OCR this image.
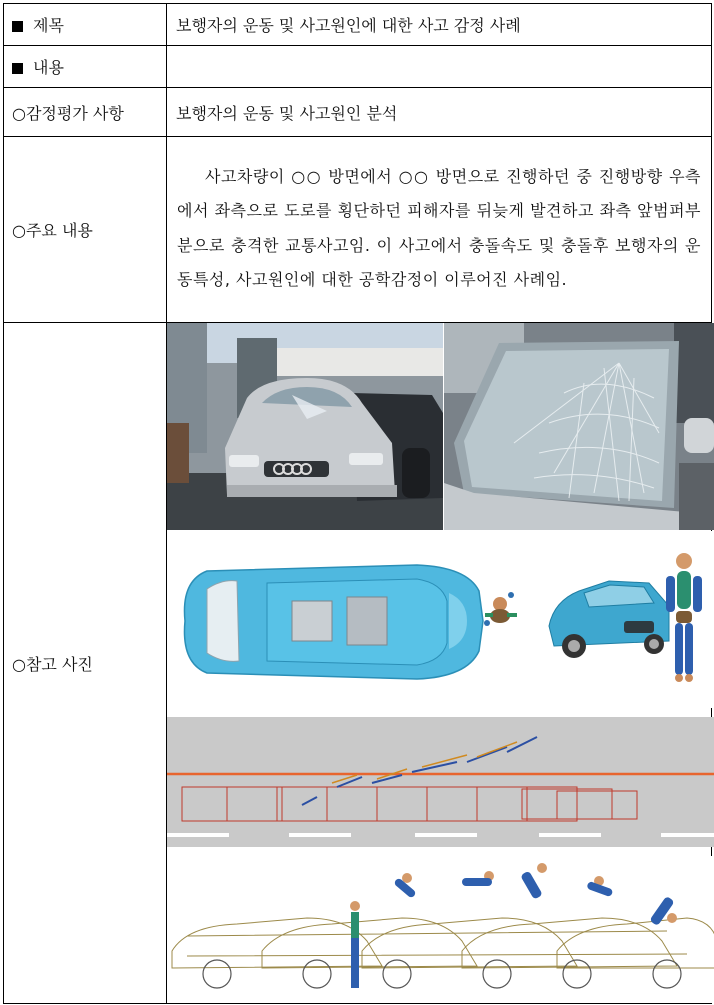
제목	보행자의 운동 및 사고원인에 대한 사고 감정 사례
내용	
○감정평가 사항	보행자의 운동 및 사고원인 분석
○주요 내용	사고차량이 ○○ 방면에서 ○○ 방면으로 진행하던 중 진행방향 우측에서 좌측으로 도로를 횡단하던 피해자를 뒤늦게 발견하고 좌측 앞범퍼부분으로 충격한 교통사고임. 이 사고에서 충돌속도 및 충돌후 보행자의 운동특성, 사고원인에 대한 공학감정이 이루어진 사례임.

○참고 사진	
